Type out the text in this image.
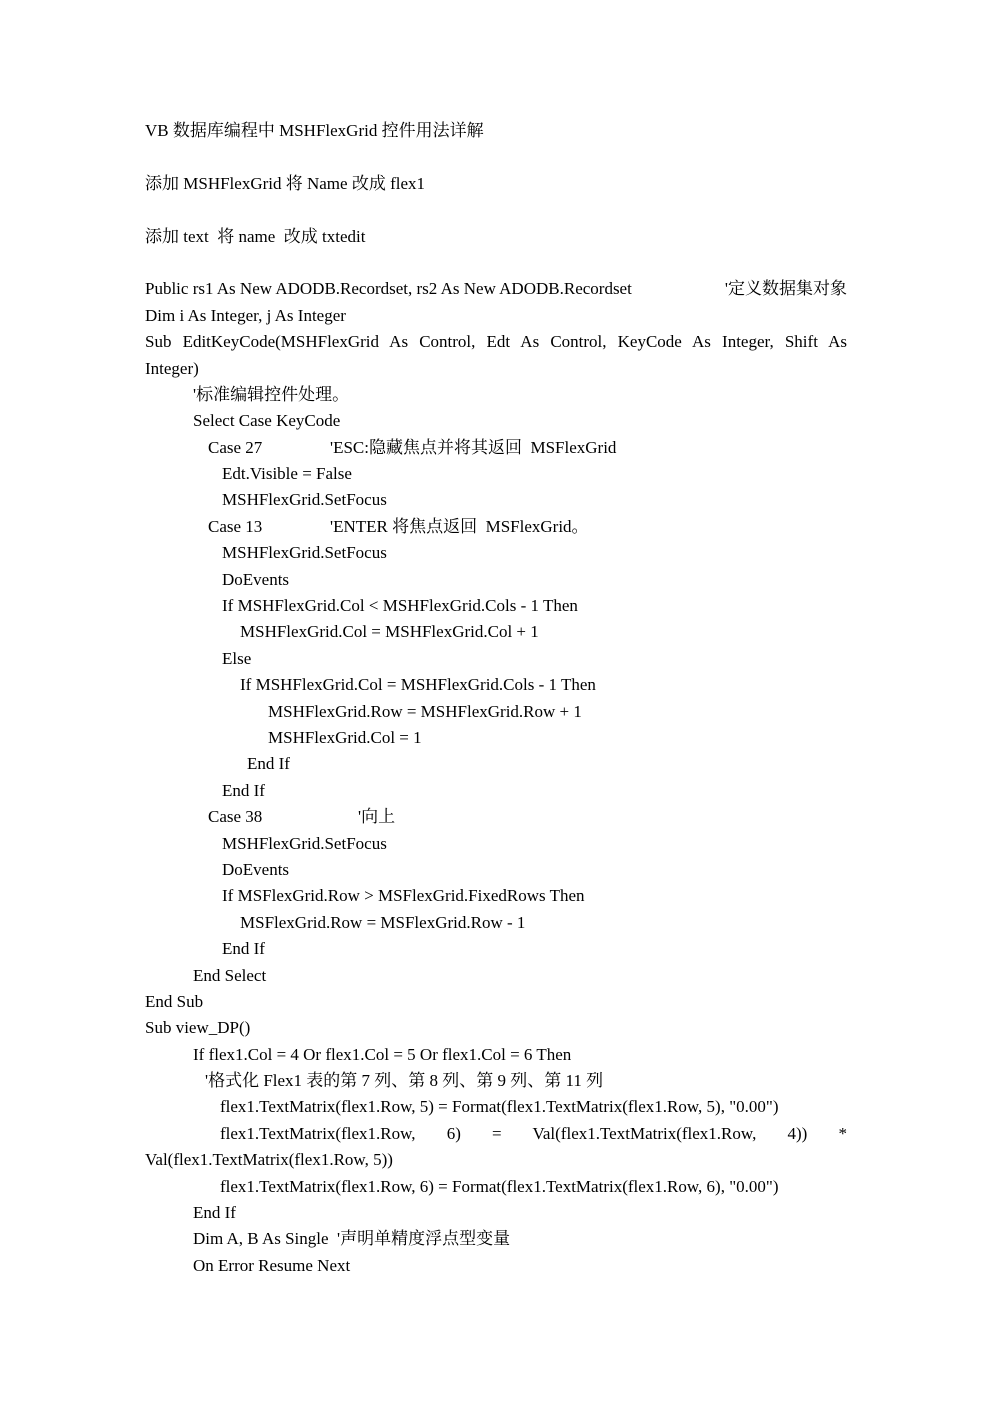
VB 数据库编程中 MSHFlexGrid 控件用法详解
添加 MSHFlexGrid 将 Name 改成 flex1
添加 text  将 name  改成 txtedit
Public rs1 As New ADODB.Recordset, rs2 As New ADODB.Recordset	'定义数据集对象
Dim i As Integer, j As Integer
Sub EditKeyCode(MSHFlexGrid As Control, Edt As Control, KeyCode As Integer, Shift As
Integer)
'标准编辑控件处理。
Select Case KeyCode
Case 27	'ESC:隐藏焦点并将其返回  MSFlexGrid
Edt.Visible = False
MSHFlexGrid.SetFocus
Case 13	'ENTER 将焦点返回  MSFlexGrid。
MSHFlexGrid.SetFocus
DoEvents
If MSHFlexGrid.Col < MSHFlexGrid.Cols - 1 Then
MSHFlexGrid.Col = MSHFlexGrid.Col + 1
Else
If MSHFlexGrid.Col = MSHFlexGrid.Cols - 1 Then
MSHFlexGrid.Row = MSHFlexGrid.Row + 1
MSHFlexGrid.Col = 1
End If
End If
Case 38	'向上
MSHFlexGrid.SetFocus
DoEvents
If MSFlexGrid.Row > MSFlexGrid.FixedRows Then
MSFlexGrid.Row = MSFlexGrid.Row - 1
End If
End Select
End Sub
Sub view_DP()
If flex1.Col = 4 Or flex1.Col = 5 Or flex1.Col = 6 Then
'格式化 Flex1 表的第 7 列、第 8 列、第 9 列、第 11 列
flex1.TextMatrix(flex1.Row, 5) = Format(flex1.TextMatrix(flex1.Row, 5), "0.00")
flex1.TextMatrix(flex1.Row, 6) = Val(flex1.TextMatrix(flex1.Row, 4)) *
Val(flex1.TextMatrix(flex1.Row, 5))
flex1.TextMatrix(flex1.Row, 6) = Format(flex1.TextMatrix(flex1.Row, 6), "0.00")
End If
Dim A, B As Single '声明单精度浮点型变量
On Error Resume Next
